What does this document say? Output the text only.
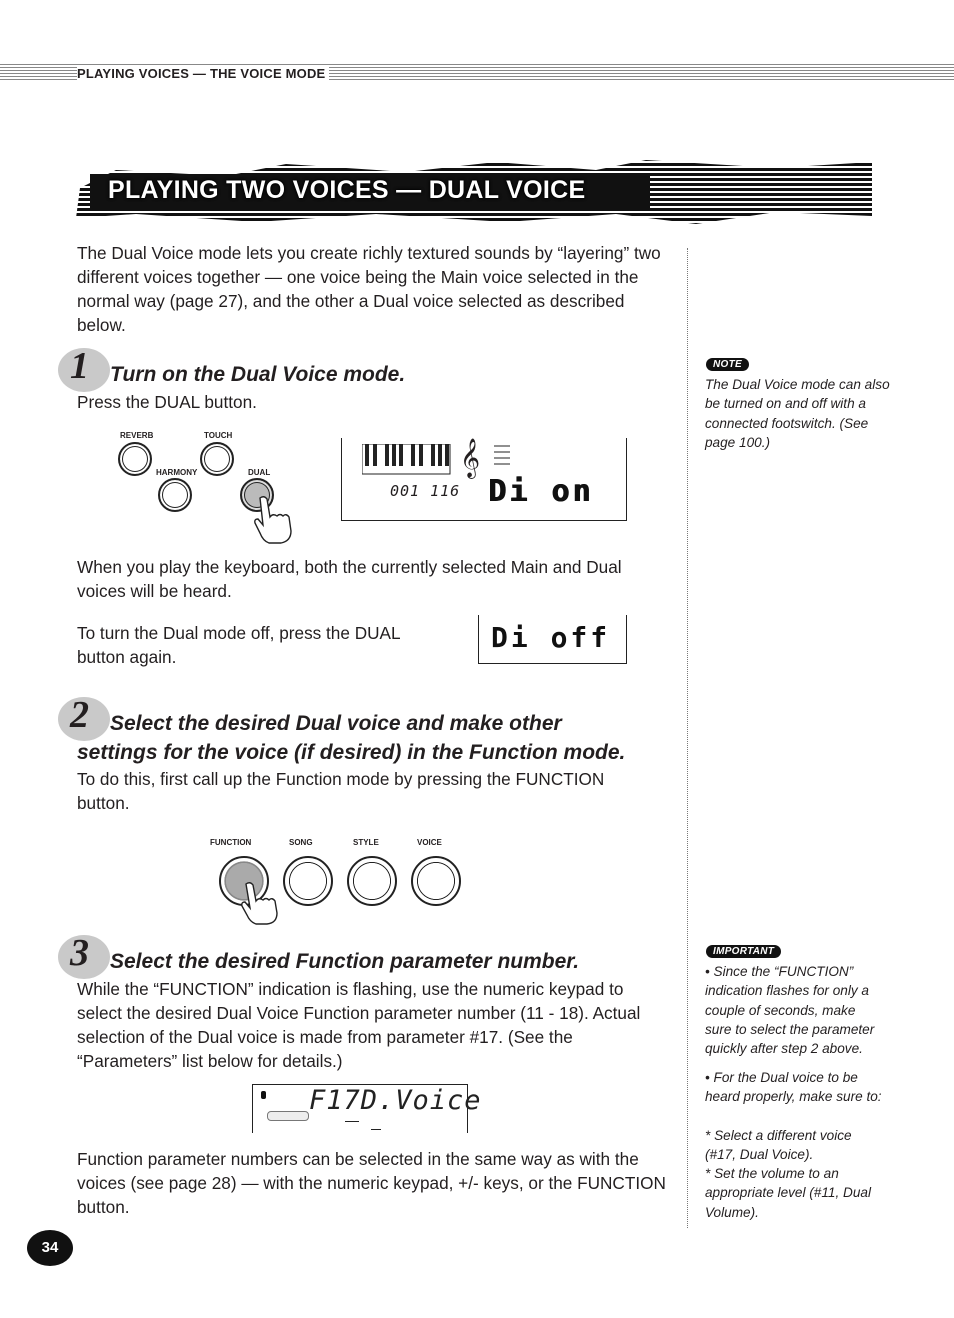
PLAYING VOICES — THE VOICE MODE
PLAYING TWO VOICES — DUAL VOICE
The Dual Voice mode lets you create richly textured sounds by “layering” two different voices together — one voice being the Main voice selected in the normal way (page 27), and the other a Dual voice selected as described below.
1 Turn on the Dual Voice mode.
Press the DUAL button.
REVERB	TOUCH
HARMONY	DUAL	𝄞
001 116 Di on
When you play the keyboard, both the currently selected Main and Dual voices will be heard.
To turn the Dual mode off, press the DUAL button again.
Di off
2	Select the desired Dual voice and make other settings for the voice (if desired) in the Function mode.
To do this, first call up the Function mode by pressing the FUNCTION button.
FUNCTION	SONG	STYLE	VOICE
3 Select the desired Function parameter number.
While the “FUNCTION” indication is flashing, use the numeric keypad to select the desired Dual Voice Function parameter number (11 - 18). Actual selection of the Dual voice is made from parameter #17. (See the “Parameters” list below for details.)
F17D.Voice
Function parameter numbers can be selected in the same way as with the voices (see page 28) — with the numeric keypad, +/- keys, or the FUNCTION button.
NOTE
The Dual Voice mode can also be turned on and off with a connected footswitch. (See page 100.)
IMPORTANT
• Since the “FUNCTION” indication flashes for only a couple of seconds, make sure to select the parameter quickly after step 2 above.
• For the Dual voice to be heard properly, make sure to:
* Select a different voice (#17, Dual Voice).
* Set the volume to an appropriate level (#11, Dual Volume).
34
